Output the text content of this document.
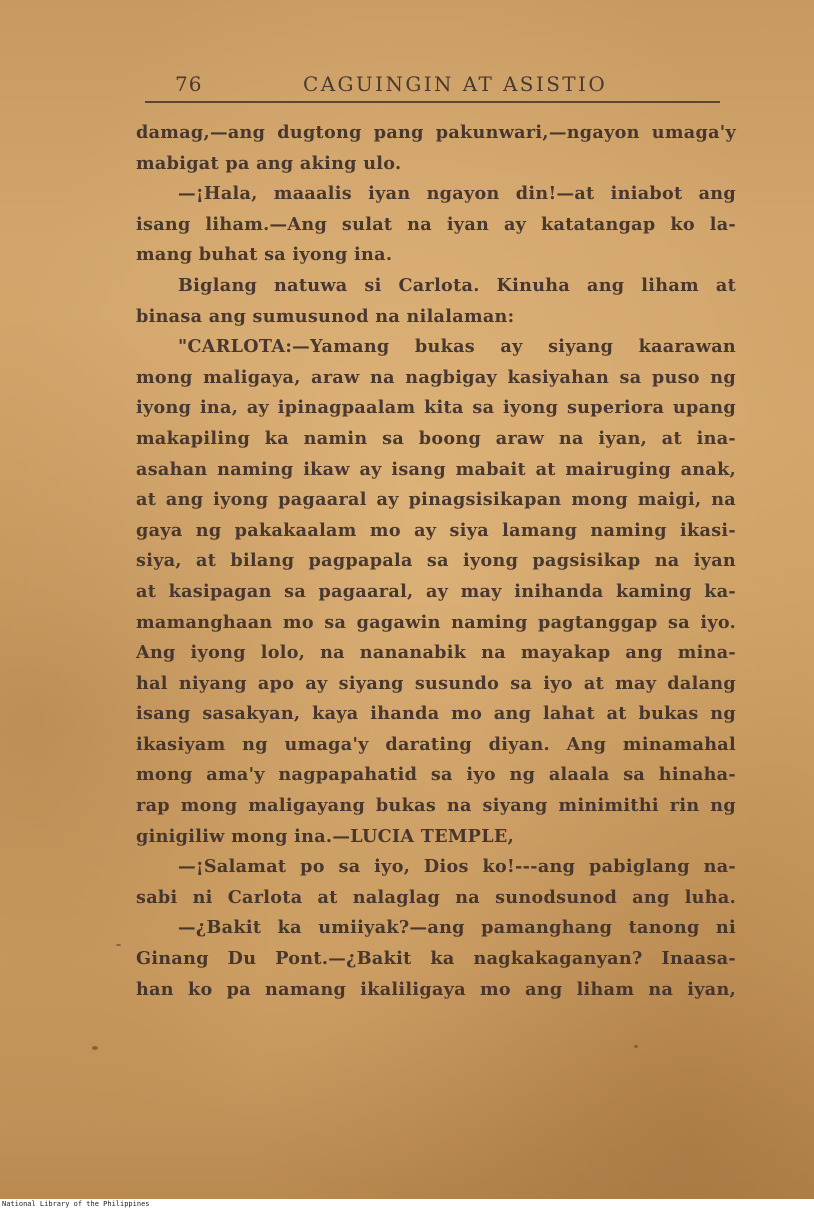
76	CAGUINGIN AT ASISTIO
damag,—ang dugtong pang pakunwari,—ngayon umaga'y
mabigat pa ang aking ulo.
—¡Hala, maaalis iyan ngayon din!—at iniabot ang
isang liham.—Ang sulat na iyan ay katatangap ko la-
mang buhat sa iyong ina.
Biglang natuwa si Carlota. Kinuha ang liham at
binasa ang sumusunod na nilalaman:
"CARLOTA:—Yamang bukas ay siyang kaarawan
mong maligaya, araw na nagbigay kasiyahan sa puso ng
iyong ina, ay ipinagpaalam kita sa iyong superiora upang
makapiling ka namin sa boong araw na iyan, at ina-
asahan naming ikaw ay isang mabait at mairuging anak,
at ang iyong pagaaral ay pinagsisikapan mong maigi, na
gaya ng pakakaalam mo ay siya lamang naming ikasi-
siya, at bilang pagpapala sa iyong pagsisikap na iyan
at kasipagan sa pagaaral, ay may inihanda kaming ka-
mamanghaan mo sa gagawin naming pagtanggap sa iyo.
Ang iyong lolo, na nananabik na mayakap ang mina-
hal niyang apo ay siyang susundo sa iyo at may dalang
isang sasakyan, kaya ihanda mo ang lahat at bukas ng
ikasiyam ng umaga'y darating diyan. Ang minamahal
mong ama'y nagpapahatid sa iyo ng alaala sa hinaha-
rap mong maligayang bukas na siyang minimithi rin ng
ginigiliw mong ina.—LUCIA TEMPLE,
—¡Salamat po sa iyo, Dios ko!---ang pabiglang na-
sabi ni Carlota at nalaglag na sunodsunod ang luha.
—¿Bakit ka umiiyak?—ang pamanghang tanong ni
Ginang Du Pont.—¿Bakit ka nagkakaganyan? Inaasa-
han ko pa namang ikaliligaya mo ang liham na iyan,
National Library of the Philippines
